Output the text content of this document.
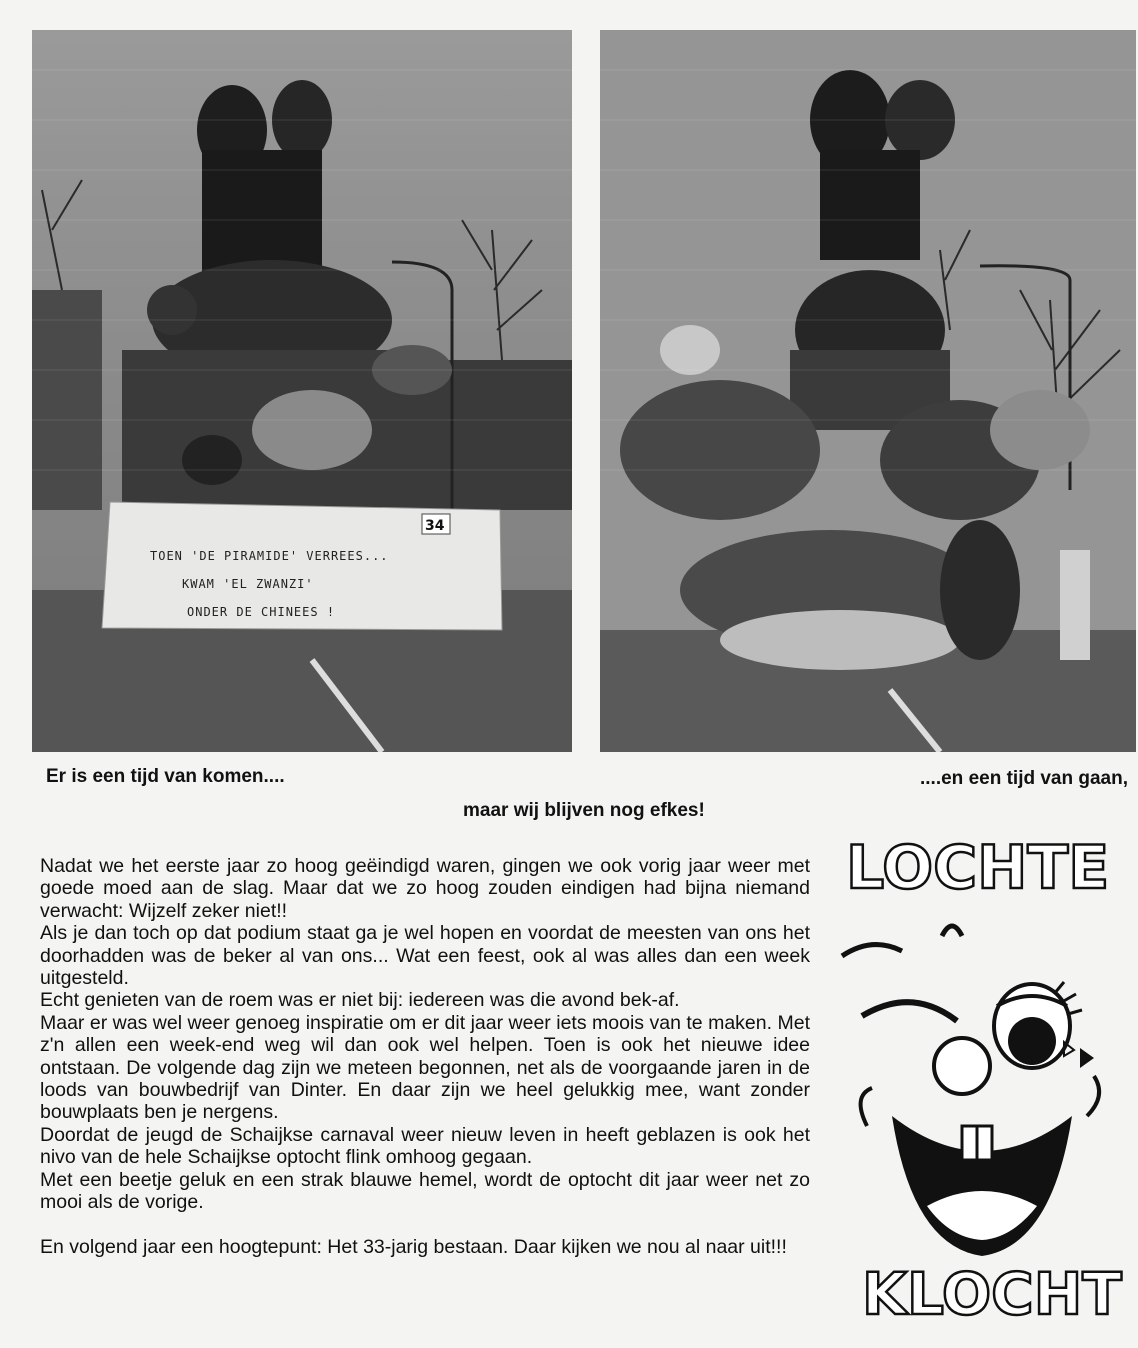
34
TOEN 'DE PIRAMIDE' VERREES...
KWAM 'EL ZWANZI'
ONDER DE CHINEES !
Er is een tijd van komen....	....en een tijd van gaan,
maar wij blijven nog efkes!

Nadat we het eerste jaar zo hoog geëindigd waren, gingen we ook vorig jaar weer met goede moed aan de slag. Maar dat we zo hoog zouden eindigen had bijna niemand verwacht: Wijzelf zeker niet!!

Als je dan toch op dat podium staat ga je wel hopen en voordat de meesten van ons het doorhadden was de beker al van ons... Wat een feest, ook al was alles dan een week uitgesteld.

Echt genieten van de roem was er niet bij: iedereen was die avond bek-af.

Maar er was wel weer genoeg inspiratie om er dit jaar weer iets moois van te maken. Met z'n allen een week-end weg wil dan ook wel helpen. Toen is ook het nieuwe idee ontstaan. De volgende dag zijn we meteen begonnen, net als de voorgaande jaren in de loods van bouwbedrijf van Dinter. En daar zijn we heel gelukkig mee, want zonder bouwplaats ben je nergens.

Doordat de jeugd de Schaijkse carnaval weer nieuw leven in heeft geblazen is ook het nivo van de hele Schaijkse optocht flink omhoog gegaan.

Met een beetje geluk en een strak blauwe hemel, wordt de optocht dit jaar weer net zo mooi als de vorige.

En volgend jaar een hoogtepunt: Het 33-jarig bestaan. Daar kijken we nou al naar uit!!!

LOCHTE
KLOCHT
